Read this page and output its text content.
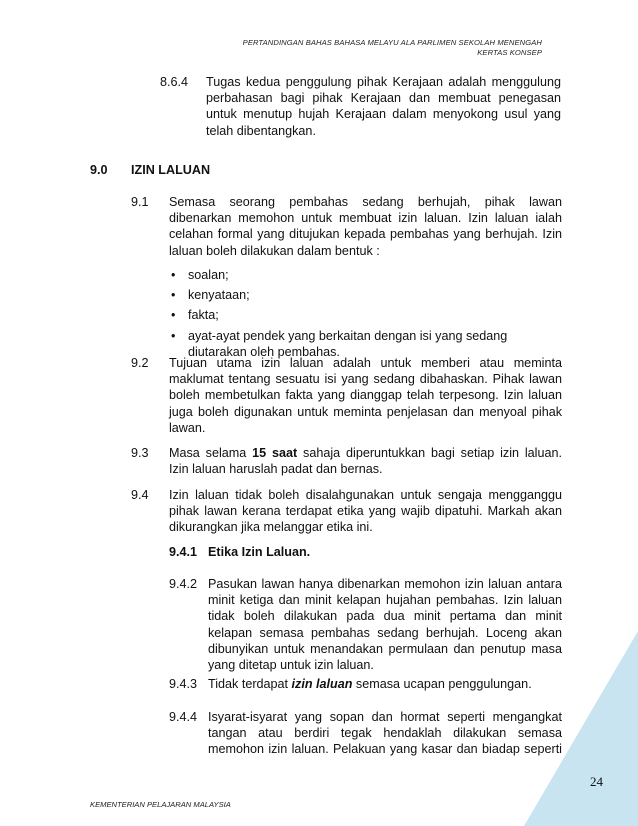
PERTANDINGAN BAHAS BAHASA MELAYU ALA PARLIMEN SEKOLAH MENENGAH
KERTAS KONSEP
8.6.4 Tugas kedua penggulung pihak Kerajaan adalah menggulung perbahasan bagi pihak Kerajaan dan membuat penegasan untuk menutup hujah Kerajaan dalam menyokong usul yang telah dibentangkan.
9.0 IZIN LALUAN
9.1 Semasa seorang pembahas sedang berhujah, pihak lawan dibenarkan memohon untuk membuat izin laluan. Izin laluan ialah celahan formal yang ditujukan kepada pembahas yang berhujah. Izin laluan boleh dilakukan dalam bentuk :
• soalan;
• kenyataan;
• fakta;
• ayat-ayat pendek yang berkaitan dengan isi yang sedang diutarakan oleh pembahas.
9.2 Tujuan utama izin laluan adalah untuk memberi atau meminta maklumat tentang sesuatu isi yang sedang dibahaskan. Pihak lawan boleh membetulkan fakta yang dianggap telah terpesong. Izin laluan juga boleh digunakan untuk meminta penjelasan dan menyoal pihak lawan.
9.3 Masa selama 15 saat sahaja diperuntukkan bagi setiap izin laluan. Izin laluan haruslah padat dan bernas.
9.4 Izin laluan tidak boleh disalahgunakan untuk sengaja mengganggu pihak lawan kerana terdapat etika yang wajib dipatuhi. Markah akan dikurangkan jika melanggar etika ini.
9.4.1 Etika Izin Laluan.
9.4.2 Pasukan lawan hanya dibenarkan memohon izin laluan antara minit ketiga dan minit kelapan hujahan pembahas. Izin laluan tidak boleh dilakukan pada dua minit pertama dan minit kelapan semasa pembahas sedang berhujah. Loceng akan dibunyikan untuk menandakan permulaan dan penutup masa yang ditetap untuk izin laluan.
9.4.3 Tidak terdapat izin laluan semasa ucapan penggulungan.
9.4.4 Isyarat-isyarat yang sopan dan hormat seperti mengangkat tangan atau berdiri tegak hendaklah dilakukan semasa memohon izin laluan. Pelakuan yang kasar dan biadap seperti
24
KEMENTERIAN PELAJARAN MALAYSIA
